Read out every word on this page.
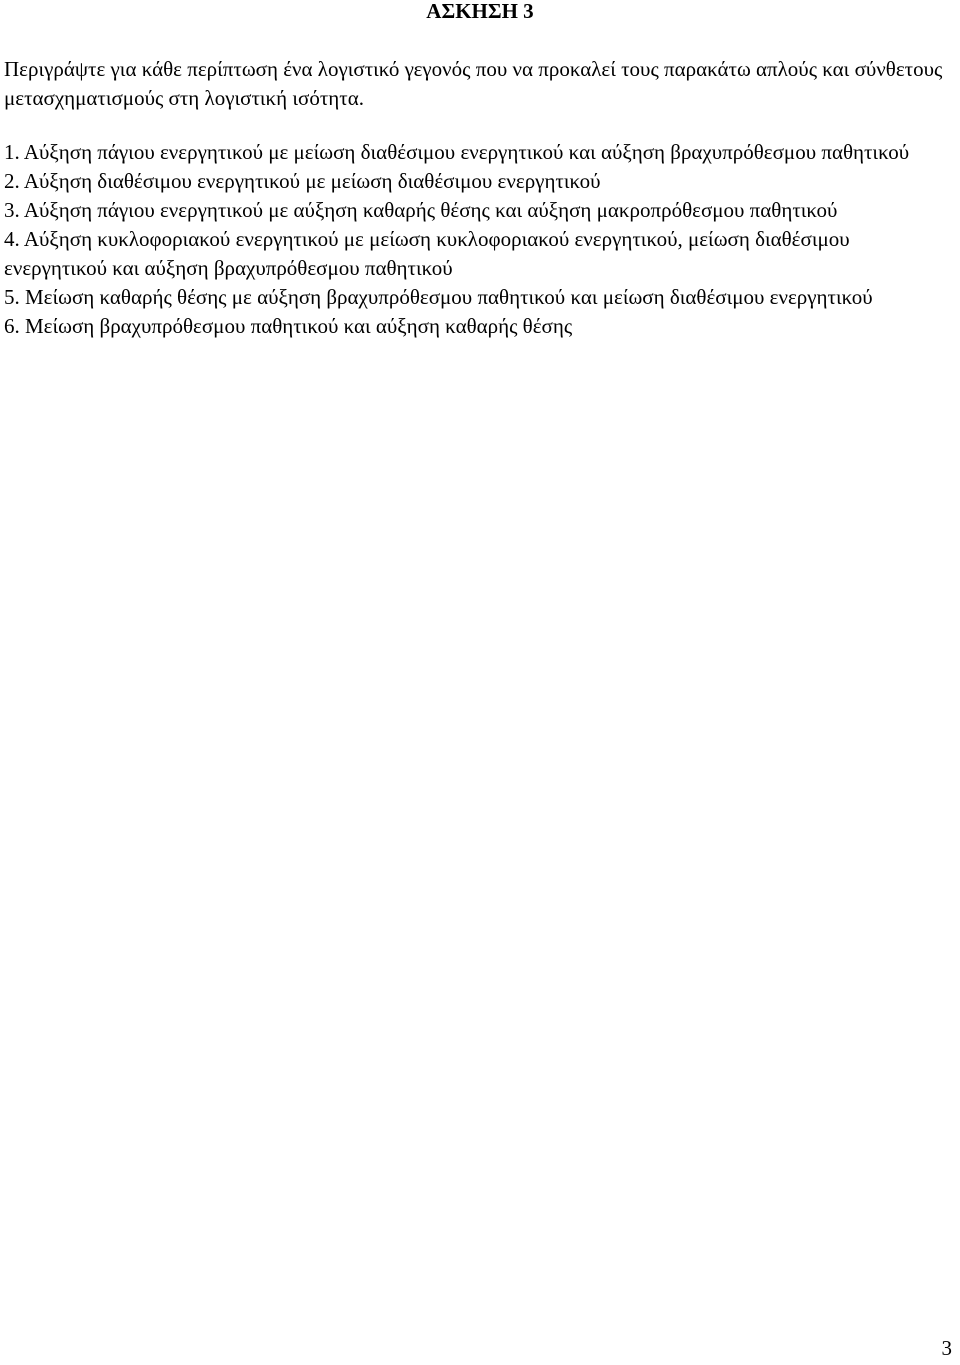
ΑΣΚΗΣΗ 3

Περιγράψτε για κάθε περίπτωση ένα λογιστικό γεγονός που να προκαλεί τους παρακάτω απλούς και σύνθετους μετασχηματισμούς στη λογιστική ισότητα.

1. Αύξηση πάγιου ενεργητικού με μείωση διαθέσιμου ενεργητικού και αύξηση βραχυπρόθεσμου παθητικού
2. Αύξηση διαθέσιμου ενεργητικού με μείωση διαθέσιμου ενεργητικού
3. Αύξηση πάγιου ενεργητικού με αύξηση καθαρής θέσης και αύξηση μακροπρόθεσμου παθητικού
4. Αύξηση κυκλοφοριακού ενεργητικού με μείωση κυκλοφοριακού ενεργητικού, μείωση διαθέσιμου ενεργητικού και αύξηση βραχυπρόθεσμου παθητικού
5. Μείωση καθαρής θέσης με αύξηση βραχυπρόθεσμου παθητικού και μείωση διαθέσιμου ενεργητικού
6. Μείωση βραχυπρόθεσμου παθητικού και αύξηση καθαρής θέσης
3
